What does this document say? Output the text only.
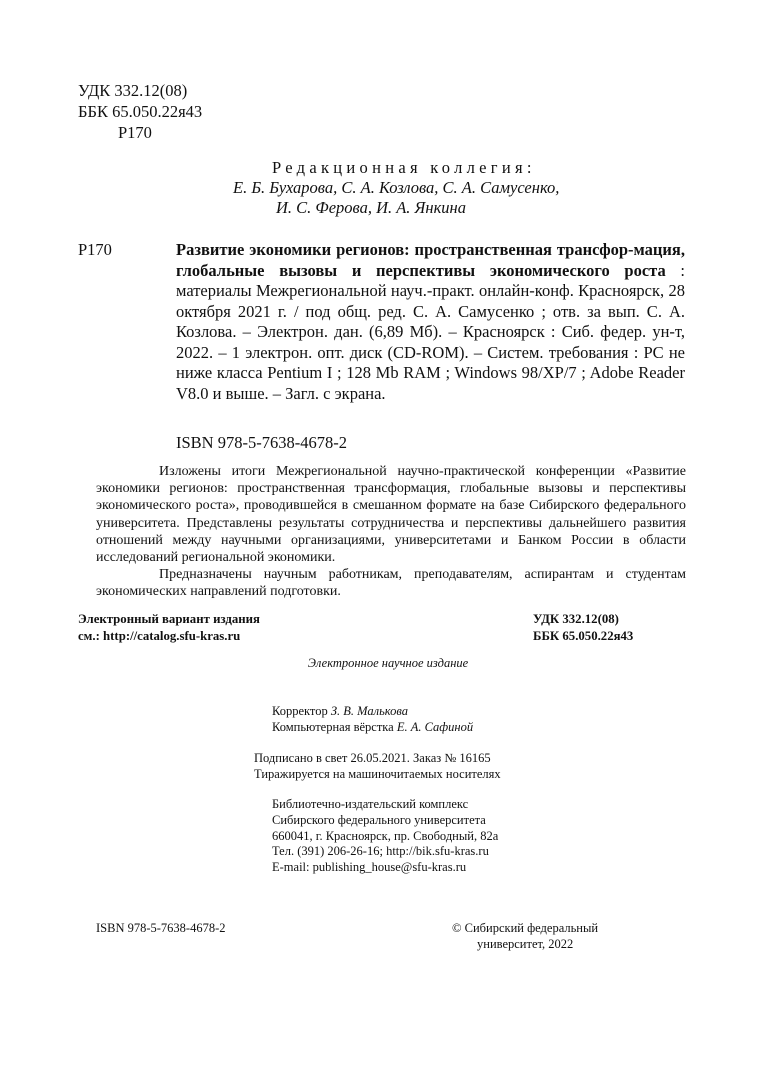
УДК 332.12(08)
ББК 65.050.22я43
Р170
Редакционная коллегия:
Е. Б. Бухарова, С. А. Козлова, С. А. Самусенко,
И. С. Ферова, И. А. Янкина
Р170	Развитие экономики регионов: пространственная трансфор-мация, глобальные вызовы и перспективы экономического роста : материалы Межрегиональной науч.-практ. онлайн-конф. Красноярск, 28 октября 2021 г. / под общ. ред. С. А. Самусенко ; отв. за вып. С. А. Козлова. – Электрон. дан. (6,89 Мб). – Красноярск : Сиб. федер. ун-т, 2022. – 1 электрон. опт. диск (CD-ROM). – Систем. требования : PC не ниже класса Pentium I ; 128 Mb RAM ; Windows 98/XP/7 ; Adobe Reader V8.0 и выше. – Загл. с экрана.
ISBN 978-5-7638-4678-2

Изложены итоги Межрегиональной научно-практической конференции «Развитие экономики регионов: пространственная трансформация, глобальные вызовы и перспективы экономического роста», проводившейся в смешанном формате на базе Сибирского федерального университета. Представлены результаты сотрудничества и перспективы дальнейшего развития отношений между научными организациями, университетами и Банком России в области исследований региональной экономики.

Предназначены научным работникам, преподавателям, аспирантам и студентам экономических направлений подготовки.

Электронный вариант издания
см.: http://catalog.sfu-kras.ru
УДК 332.12(08)
ББК 65.050.22я43
Электронное научное издание
Корректор З. В. Малькова
Компьютерная вёрстка Е. А. Сафиной
Подписано в свет 26.05.2021. Заказ № 16165
Тиражируется на машиночитаемых носителях
Библиотечно-издательский комплекс
Сибирского федерального университета
660041, г. Красноярск, пр. Свободный, 82а
Тел. (391) 206-26-16; http://bik.sfu-kras.ru
E-mail: publishing_house@sfu-kras.ru
ISBN 978-5-7638-4678-2	© Сибирский федеральный
университет, 2022
